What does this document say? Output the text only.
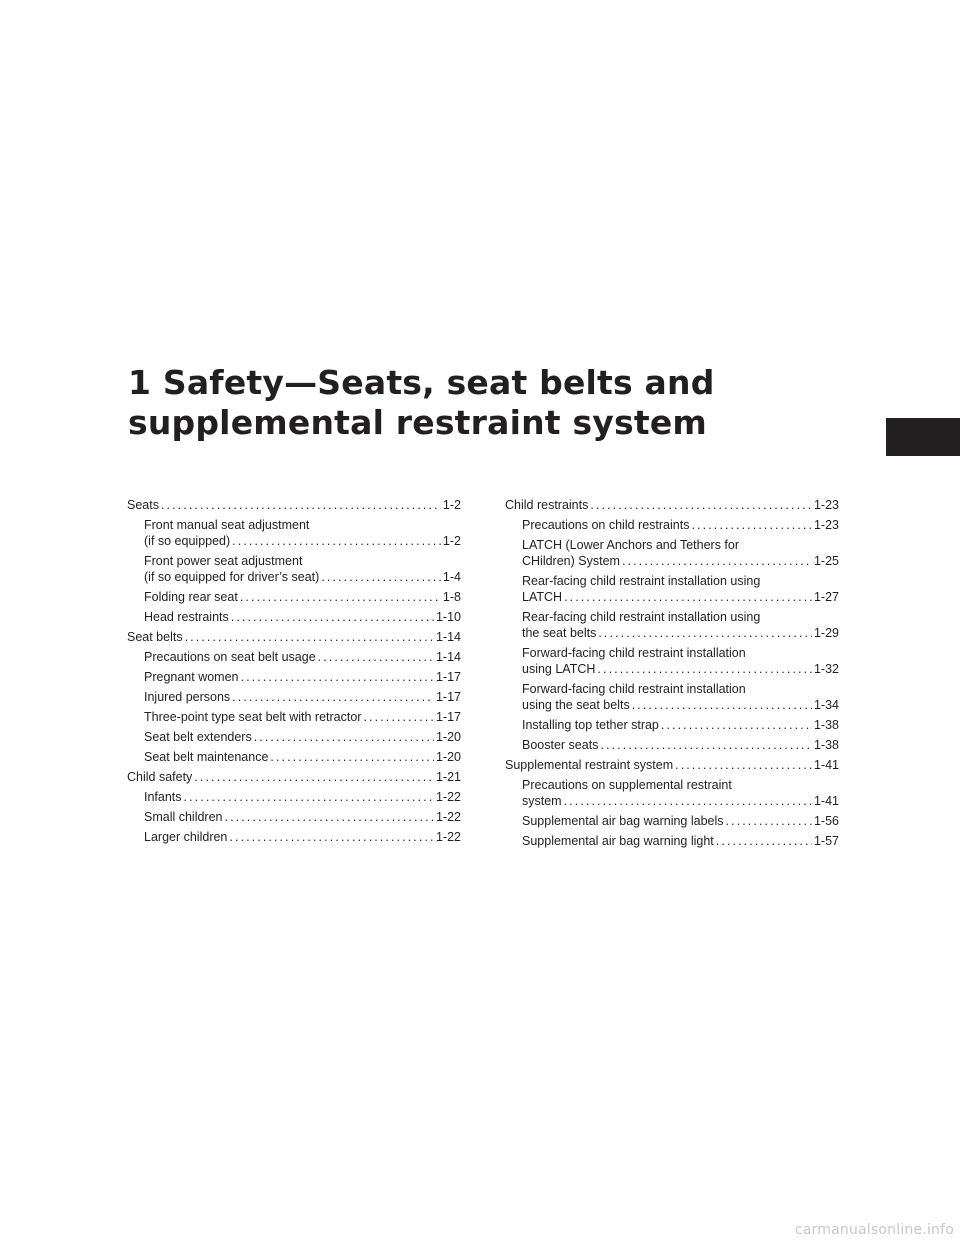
1 Safety—Seats, seat belts and
supplemental restraint system
Seats .....	1-2
Front manual seat adjustment
(if so equipped) .....	1-2
Front power seat adjustment
(if so equipped for driver’s seat) .....	1-4
Folding rear seat .....	1-8
Head restraints .....	1-10
Seat belts .....	1-14
Precautions on seat belt usage .....	1-14
Pregnant women .....	1-17
Injured persons .....	1-17
Three-point type seat belt with retractor .....	1-17
Seat belt extenders .....	1-20
Seat belt maintenance .....	1-20
Child safety .....	1-21
Infants .....	1-22
Small children .....	1-22
Larger children .....	1-22
Child restraints .....	1-23
Precautions on child restraints .....	1-23
LATCH (Lower Anchors and Tethers for
CHildren) System .....	1-25
Rear-facing child restraint installation using
LATCH .....	1-27
Rear-facing child restraint installation using
the seat belts .....	1-29
Forward-facing child restraint installation
using LATCH .....	1-32
Forward-facing child restraint installation
using the seat belts .....	1-34
Installing top tether strap .....	1-38
Booster seats .....	1-38
Supplemental restraint system .....	1-41
Precautions on supplemental restraint
system .....	1-41
Supplemental air bag warning labels .....	1-56
Supplemental air bag warning light .....	1-57
carmanualsonline.info
